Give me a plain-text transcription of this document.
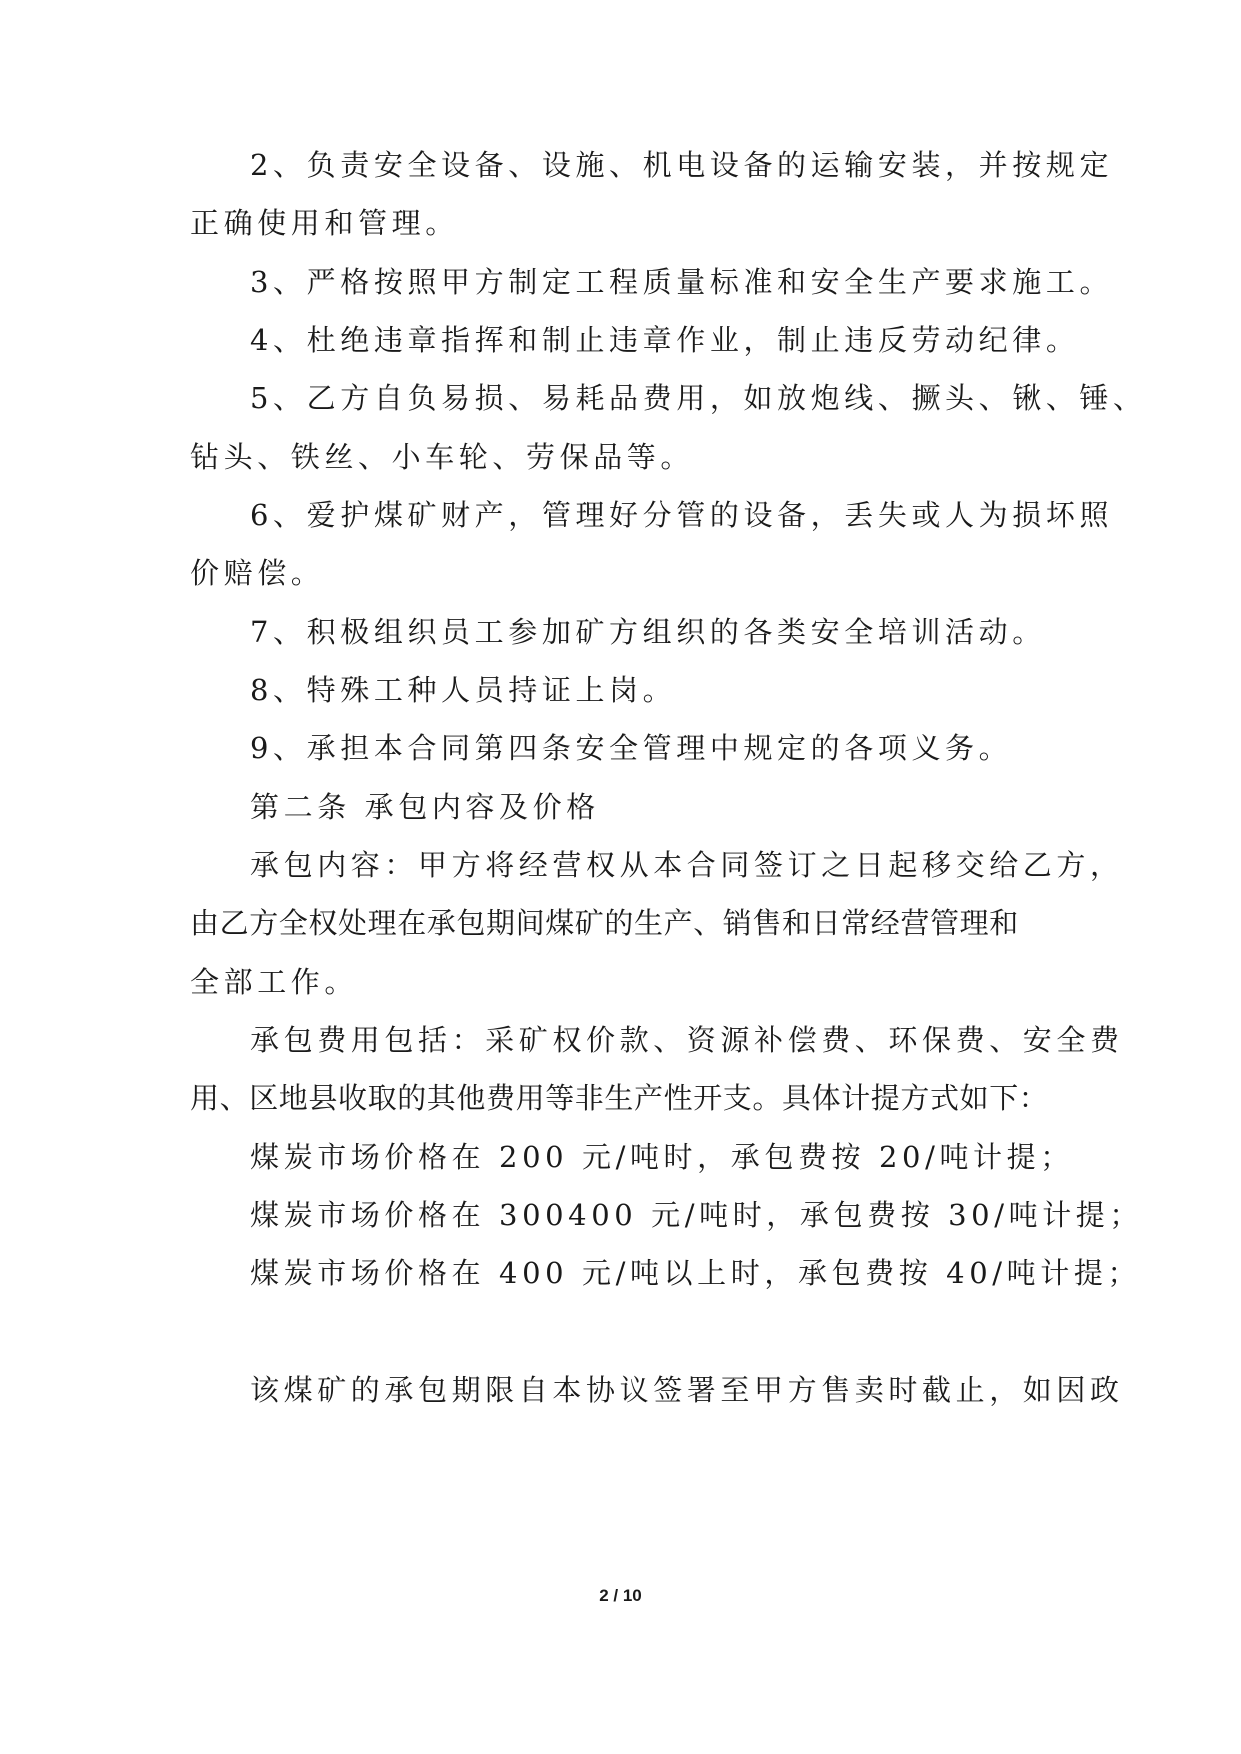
2、负责安全设备、设施、机电设备的运输安装，并按规定
正确使用和管理。
3、严格按照甲方制定工程质量标准和安全生产要求施工。
4、杜绝违章指挥和制止违章作业，制止违反劳动纪律。
5、乙方自负易损、易耗品费用，如放炮线、撅头、锹、锤、
钻头、铁丝、小车轮、劳保品等。
6、爱护煤矿财产，管理好分管的设备，丢失或人为损坏照
价赔偿。
7、积极组织员工参加矿方组织的各类安全培训活动。
8、特殊工种人员持证上岗。
9、承担本合同第四条安全管理中规定的各项义务。
第二条 承包内容及价格
承包内容：甲方将经营权从本合同签订之日起移交给乙方，
由乙方全权处理在承包期间煤矿的生产、销售和日常经营管理和
全部工作。
承包费用包括：采矿权价款、资源补偿费、环保费、安全费
用、区地县收取的其他费用等非生产性开支。具体计提方式如下：
煤炭市场价格在 200 元/吨时，承包费按 20/吨计提；
煤炭市场价格在 300400 元/吨时，承包费按 30/吨计提；
煤炭市场价格在 400 元/吨以上时，承包费按 40/吨计提；
该煤矿的承包期限自本协议签署至甲方售卖时截止，如因政
2 / 10
